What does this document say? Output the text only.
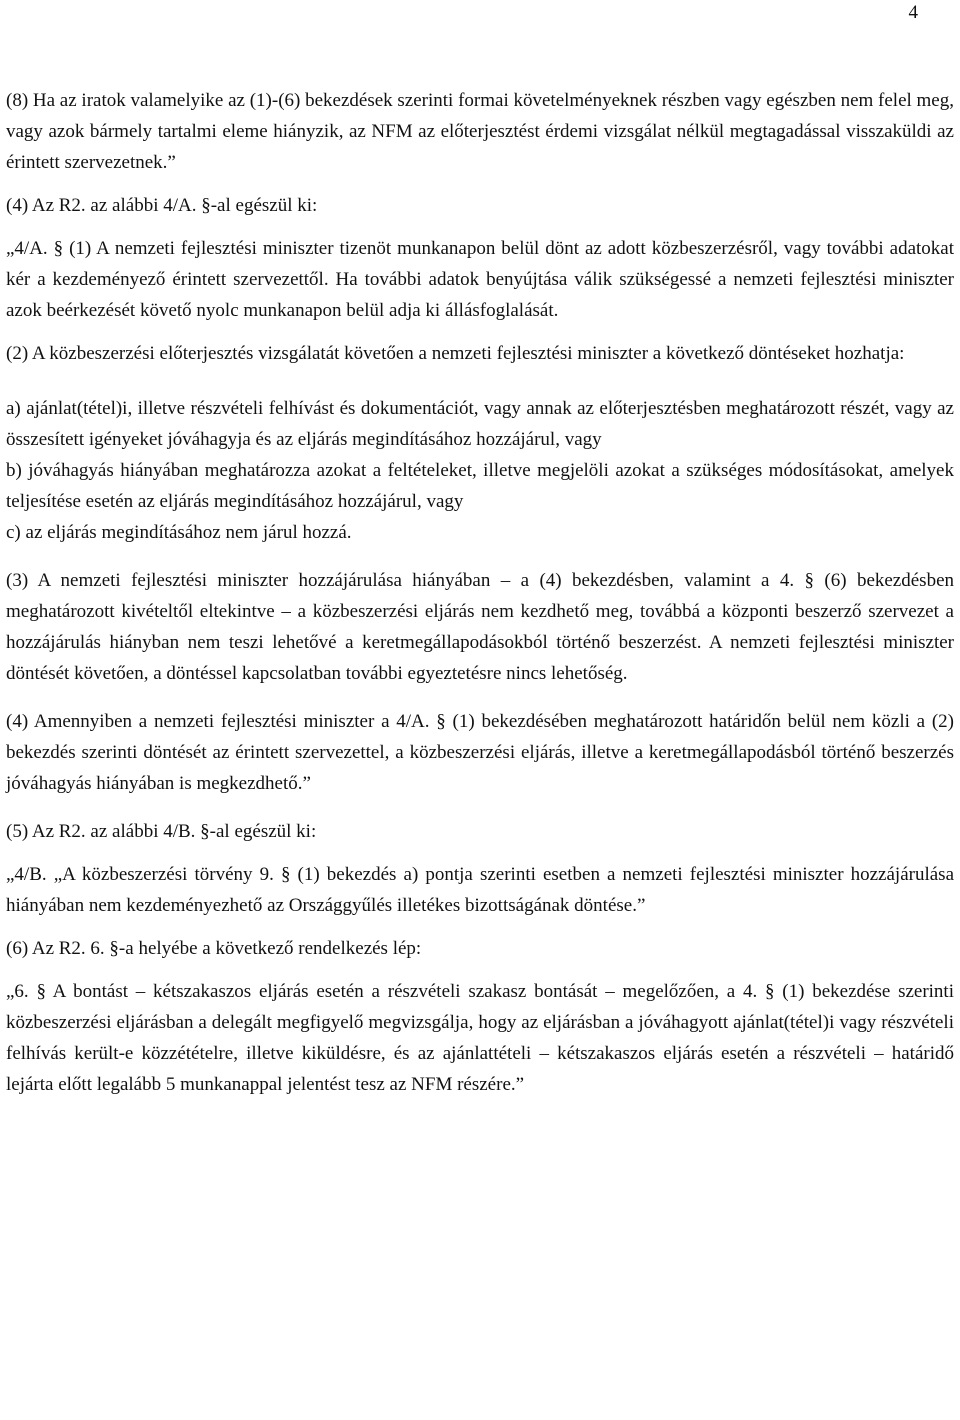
4

(8) Ha az iratok valamelyike az (1)-(6) bekezdések szerinti formai követelményeknek részben vagy egészben nem felel meg, vagy azok bármely tartalmi eleme hiányzik, az NFM az előterjesztést érdemi vizsgálat nélkül megtagadással visszaküldi az érintett szervezetnek.”

(4) Az R2. az alábbi 4/A. §-al egészül ki:

„4/A. § (1) A nemzeti fejlesztési miniszter tizenöt munkanapon belül dönt az adott közbeszerzésről, vagy további adatokat kér a kezdeményező érintett szervezettől. Ha további adatok benyújtása válik szükségessé a nemzeti fejlesztési miniszter azok beérkezését követő nyolc munkanapon belül adja ki állásfoglalását.

(2) A közbeszerzési előterjesztés vizsgálatát követően a nemzeti fejlesztési miniszter a következő döntéseket hozhatja:

a) ajánlat(tétel)i, illetve részvételi felhívást és dokumentációt, vagy annak az előterjesztésben meghatározott részét, vagy az összesített igényeket jóváhagyja és az eljárás megindításához hozzájárul, vagy

b) jóváhagyás hiányában meghatározza azokat a feltételeket, illetve megjelöli azokat a szükséges módosításokat, amelyek teljesítése esetén az eljárás megindításához hozzájárul, vagy

c) az eljárás megindításához nem járul hozzá.

(3) A nemzeti fejlesztési miniszter hozzájárulása hiányában – a (4) bekezdésben, valamint a 4. § (6) bekezdésben meghatározott kivételtől eltekintve – a közbeszerzési eljárás nem kezdhető meg, továbbá a központi beszerző szervezet a hozzájárulás hiányban nem teszi lehetővé a keretmegállapodásokból történő beszerzést. A nemzeti fejlesztési miniszter döntését követően, a döntéssel kapcsolatban további egyeztetésre nincs lehetőség.

(4) Amennyiben a nemzeti fejlesztési miniszter a 4/A. § (1) bekezdésében meghatározott határidőn belül nem közli a (2) bekezdés szerinti döntését az érintett szervezettel, a közbeszerzési eljárás, illetve a keretmegállapodásból történő beszerzés jóváhagyás hiányában is megkezdhető.”

(5) Az R2. az alábbi 4/B. §-al egészül ki:

„4/B. „A közbeszerzési törvény 9. § (1) bekezdés a) pontja szerinti esetben a nemzeti fejlesztési miniszter hozzájárulása hiányában nem kezdeményezhető az Országgyűlés illetékes bizottságának döntése.”

(6) Az R2. 6. §-a helyébe a következő rendelkezés lép:

„6. § A bontást – kétszakaszos eljárás esetén a részvételi szakasz bontását – megelőzően, a 4. § (1) bekezdése szerinti közbeszerzési eljárásban a delegált megfigyelő megvizsgálja, hogy az eljárásban a jóváhagyott ajánlat(tétel)i vagy részvételi felhívás került-e közzétételre, illetve kiküldésre, és az ajánlattételi – kétszakaszos eljárás esetén a részvételi – határidő lejárta előtt legalább 5 munkanappal jelentést tesz az NFM részére.”
